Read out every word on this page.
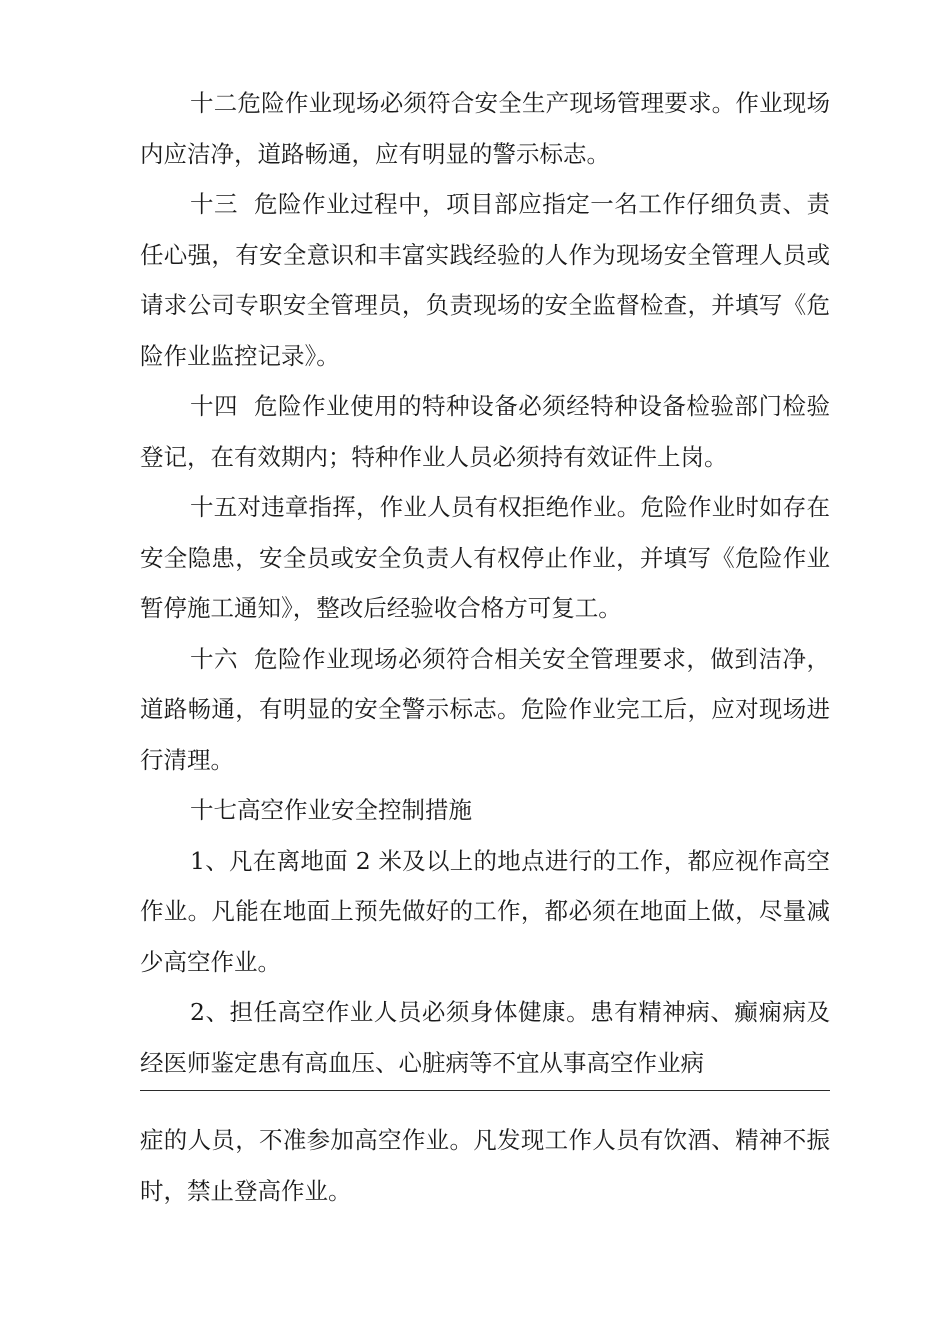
十二危险作业现场必须符合安全生产现场管理要求。作业现场内应洁净，道路畅通，应有明显的警示标志。

十三  危险作业过程中，项目部应指定一名工作仔细负责、责任心强，有安全意识和丰富实践经验的人作为现场安全管理人员或请求公司专职安全管理员，负责现场的安全监督检查，并填写《危险作业监控记录》。

十四  危险作业使用的特种设备必须经特种设备检验部门检验登记，在有效期内；特种作业人员必须持有效证件上岗。

十五对违章指挥，作业人员有权拒绝作业。危险作业时如存在安全隐患，安全员或安全负责人有权停止作业，并填写《危险作业暂停施工通知》，整改后经验收合格方可复工。

十六  危险作业现场必须符合相关安全管理要求，做到洁净，道路畅通，有明显的安全警示标志。危险作业完工后，应对现场进行清理。

十七高空作业安全控制措施

1、凡在离地面 2 米及以上的地点进行的工作，都应视作高空作业。凡能在地面上预先做好的工作，都必须在地面上做，尽量减少高空作业。

2、担任高空作业人员必须身体健康。患有精神病、癫痫病及经医师鉴定患有高血压、心脏病等不宜从事高空作业病

症的人员，不准参加高空作业。凡发现工作人员有饮酒、精神不振时，禁止登高作业。
